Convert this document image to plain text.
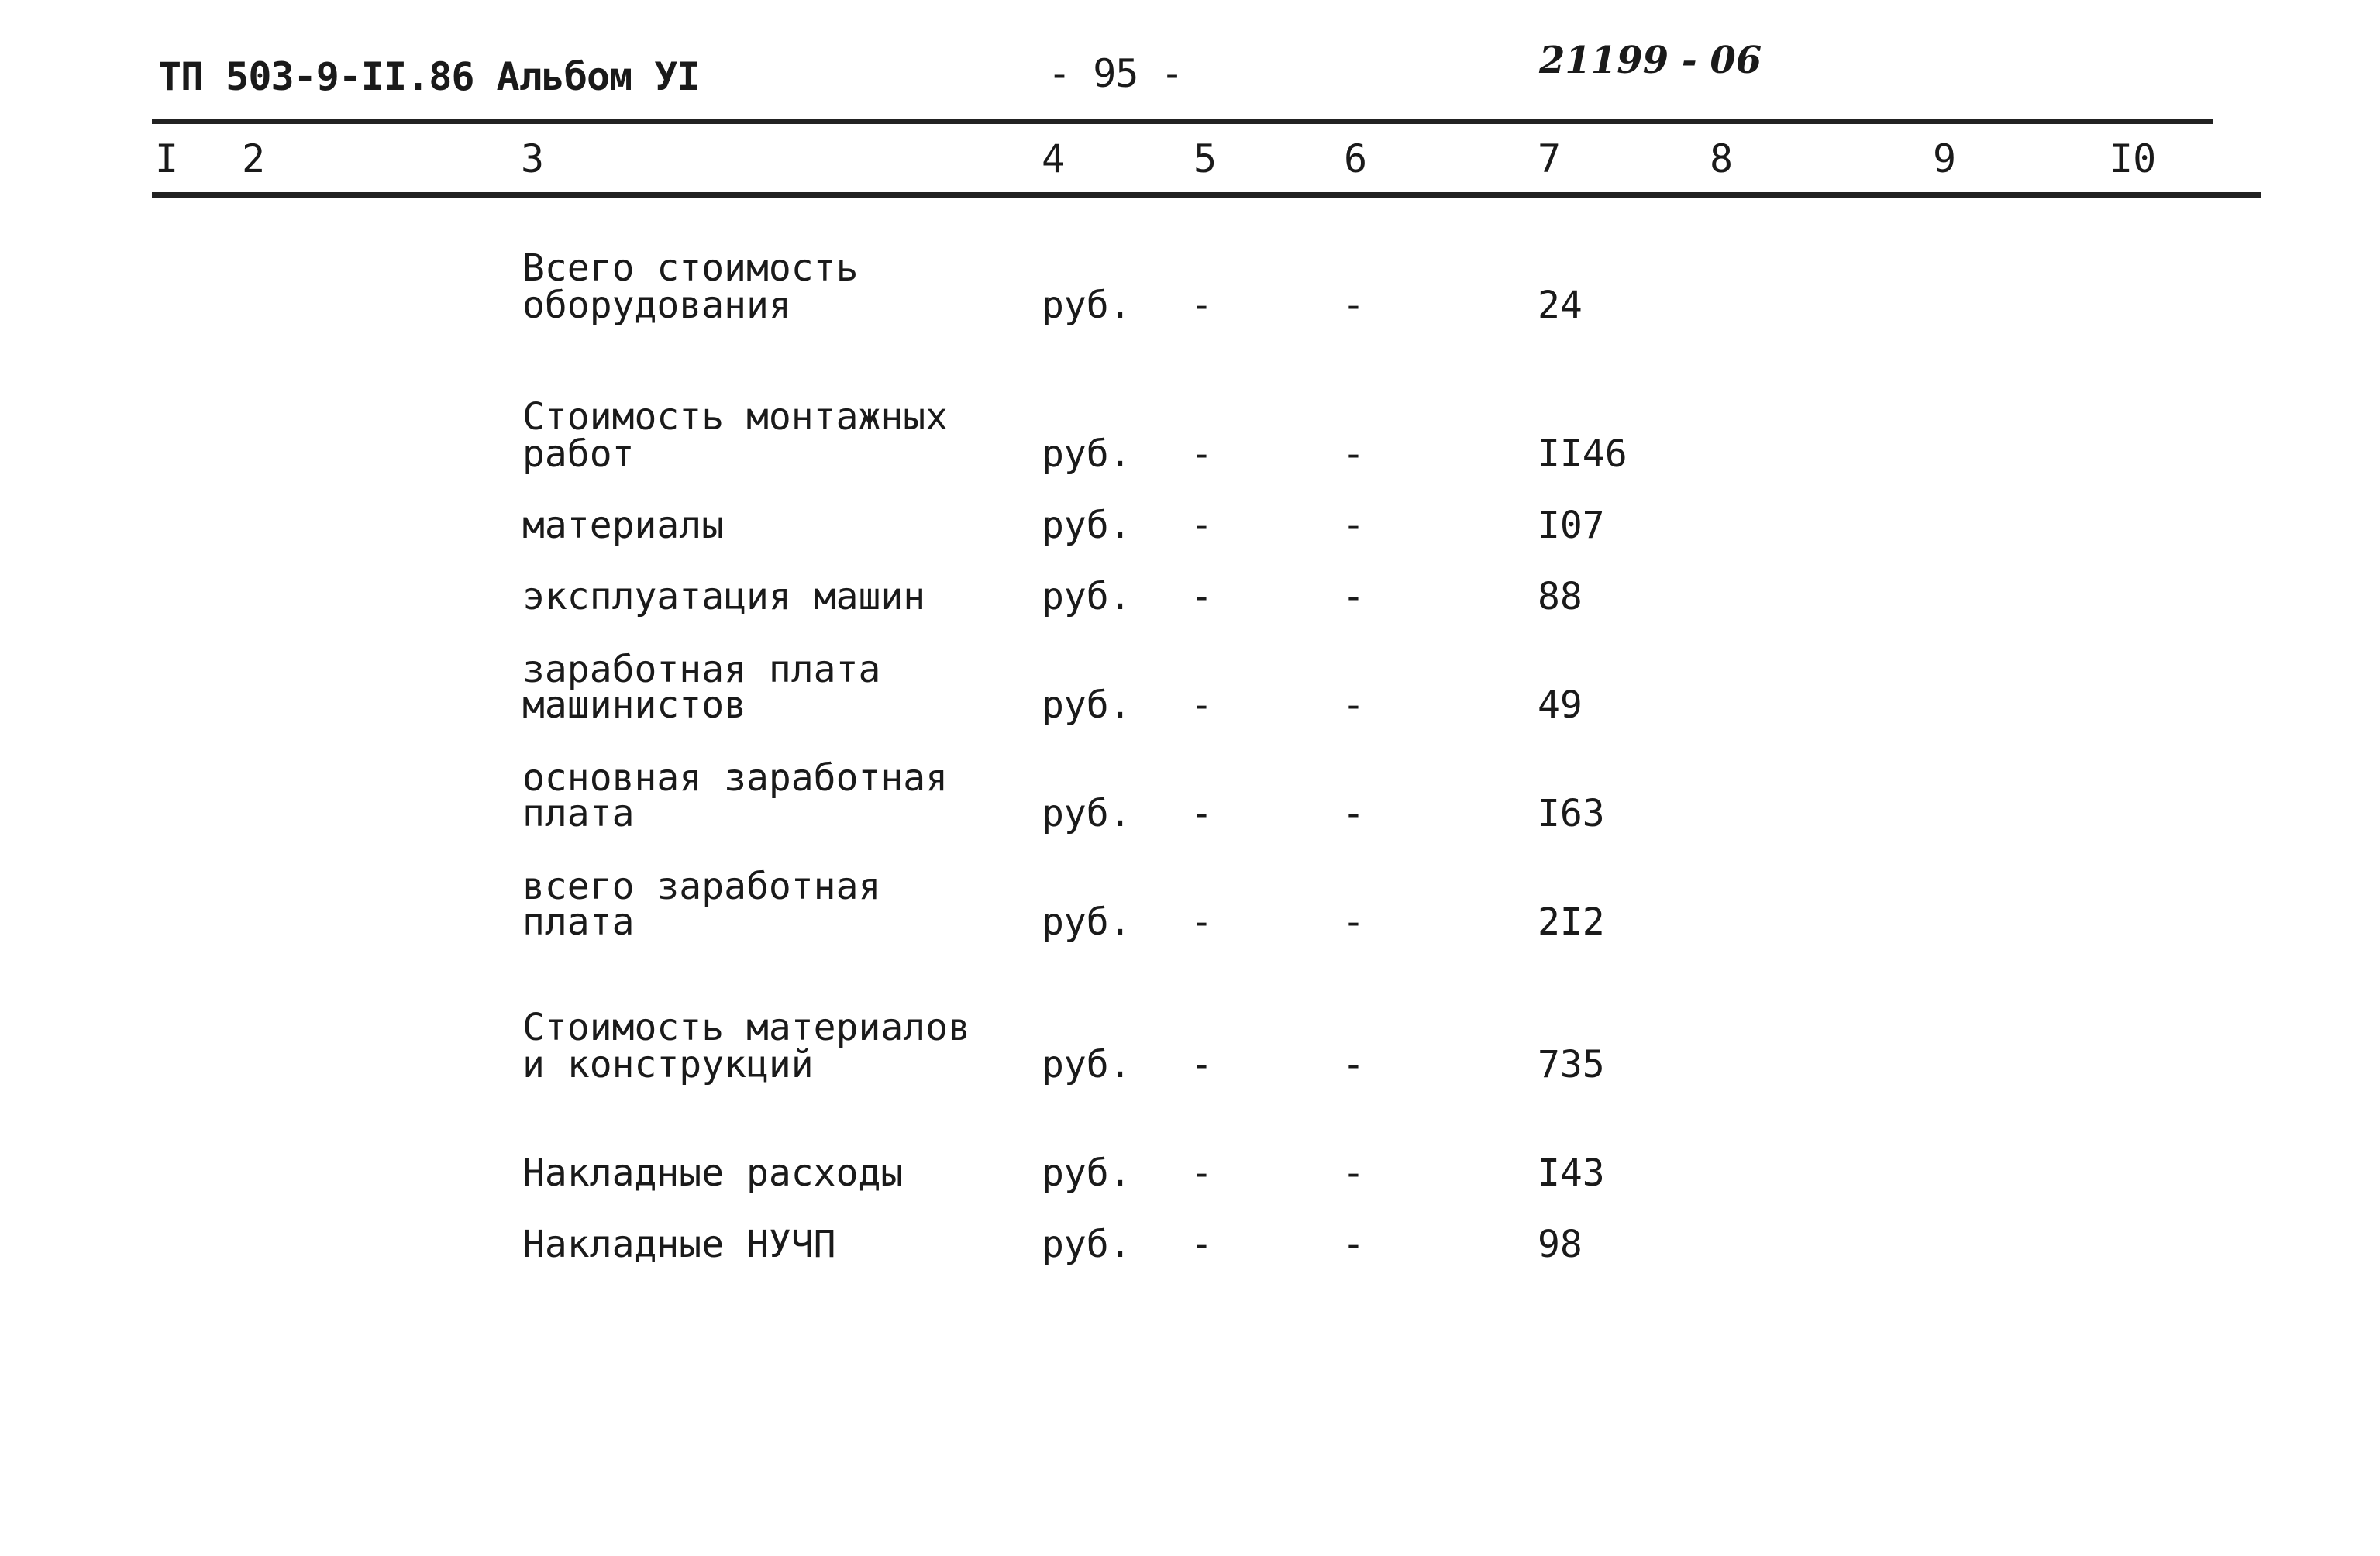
ТП 503-9-II.86 Альбом УI	- 95 -	21199 - 06
I 2	3	4	5	6	7	8	9	I0
Всего стоимость
оборудования	руб. -	-	24
Стоимость монтажных
работ	руб. -	-	II46
материалы	руб. -	-	I07
эксплуатация машин	руб. -	-	88
заработная плата
машинистов	руб. -	-	49
основная заработная
плата	руб. -	-	I63
всего заработная
плата	руб. -	-	2I2
Стоимость материалов
и конструкций	руб. -	-	735
Накладные расходы	руб. -	-	I43
Накладные НУЧП	руб. -	-	98
